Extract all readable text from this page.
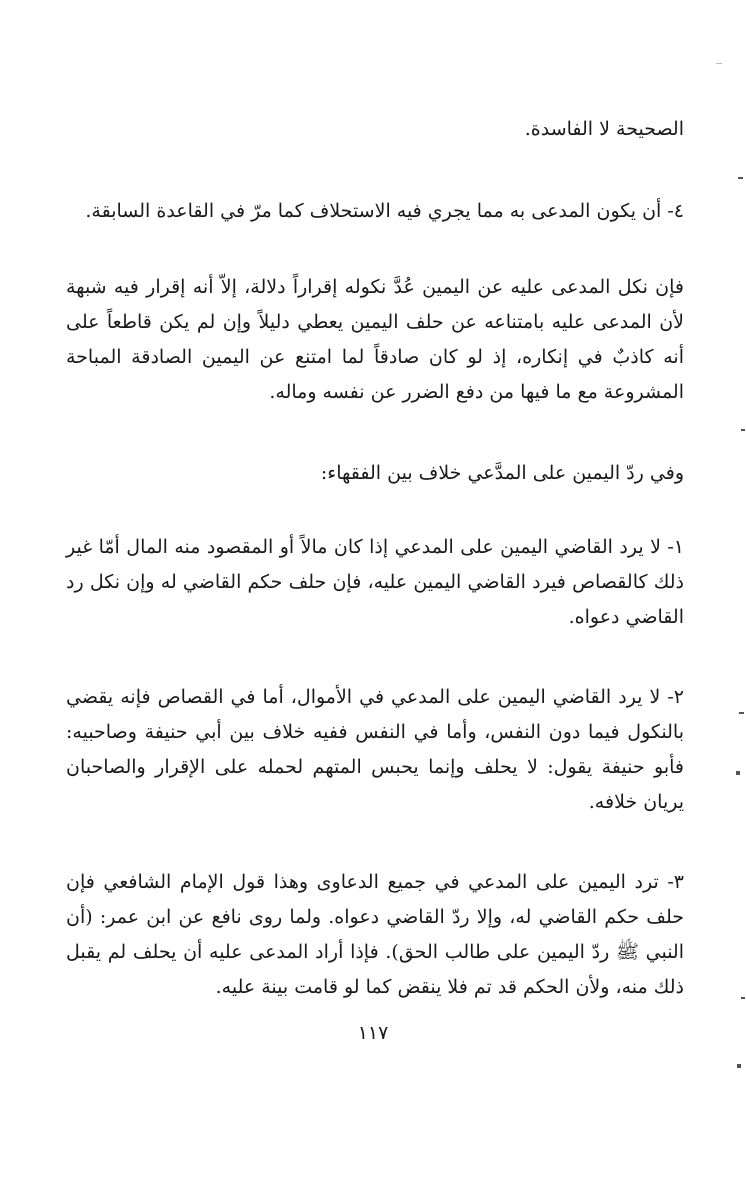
الصحيحة لا الفاسدة.

٤- أن يكون المدعى به مما يجري فيه الاستحلاف كما مرّ في القاعدة السابقة.

فإن نكل المدعى عليه عن اليمين عُدَّ نكوله إقراراً دلالة، إلاّ أنه إقرار فيه شبهة لأن المدعى عليه بامتناعه عن حلف اليمين يعطي دليلاً وإن لم يكن قاطعاً على أنه كاذبٌ في إنكاره، إذ لو كان صادقاً لما امتنع عن اليمين الصادقة المباحة المشروعة مع ما فيها من دفع الضرر عن نفسه وماله.

وفي ردّ اليمين على المدَّعي خلاف بين الفقهاء:

١- لا يرد القاضي اليمين على المدعي إذا كان مالاً أو المقصود منه المال أمّا غير ذلك كالقصاص فيرد القاضي اليمين عليه، فإن حلف حكم القاضي له وإن نكل رد القاضي دعواه.

٢- لا يرد القاضي اليمين على المدعي في الأموال، أما في القصاص فإنه يقضي بالنكول فيما دون النفس، وأما في النفس ففيه خلاف بين أبي حنيفة وصاحبيه: فأبو حنيفة يقول: لا يحلف وإنما يحبس المتهم لحمله على الإقرار والصاحبان يريان خلافه.

٣- ترد اليمين على المدعي في جميع الدعاوى وهذا قول الإمام الشافعي فإن حلف حكم القاضي له، وإلا ردّ القاضي دعواه. ولما روى نافع عن ابن عمر: (أن النبي ﷺ ردّ اليمين على طالب الحق). فإذا أراد المدعى عليه أن يحلف لم يقبل ذلك منه، ولأن الحكم قد تم فلا ينقض كما لو قامت بينة عليه.

١١٧
